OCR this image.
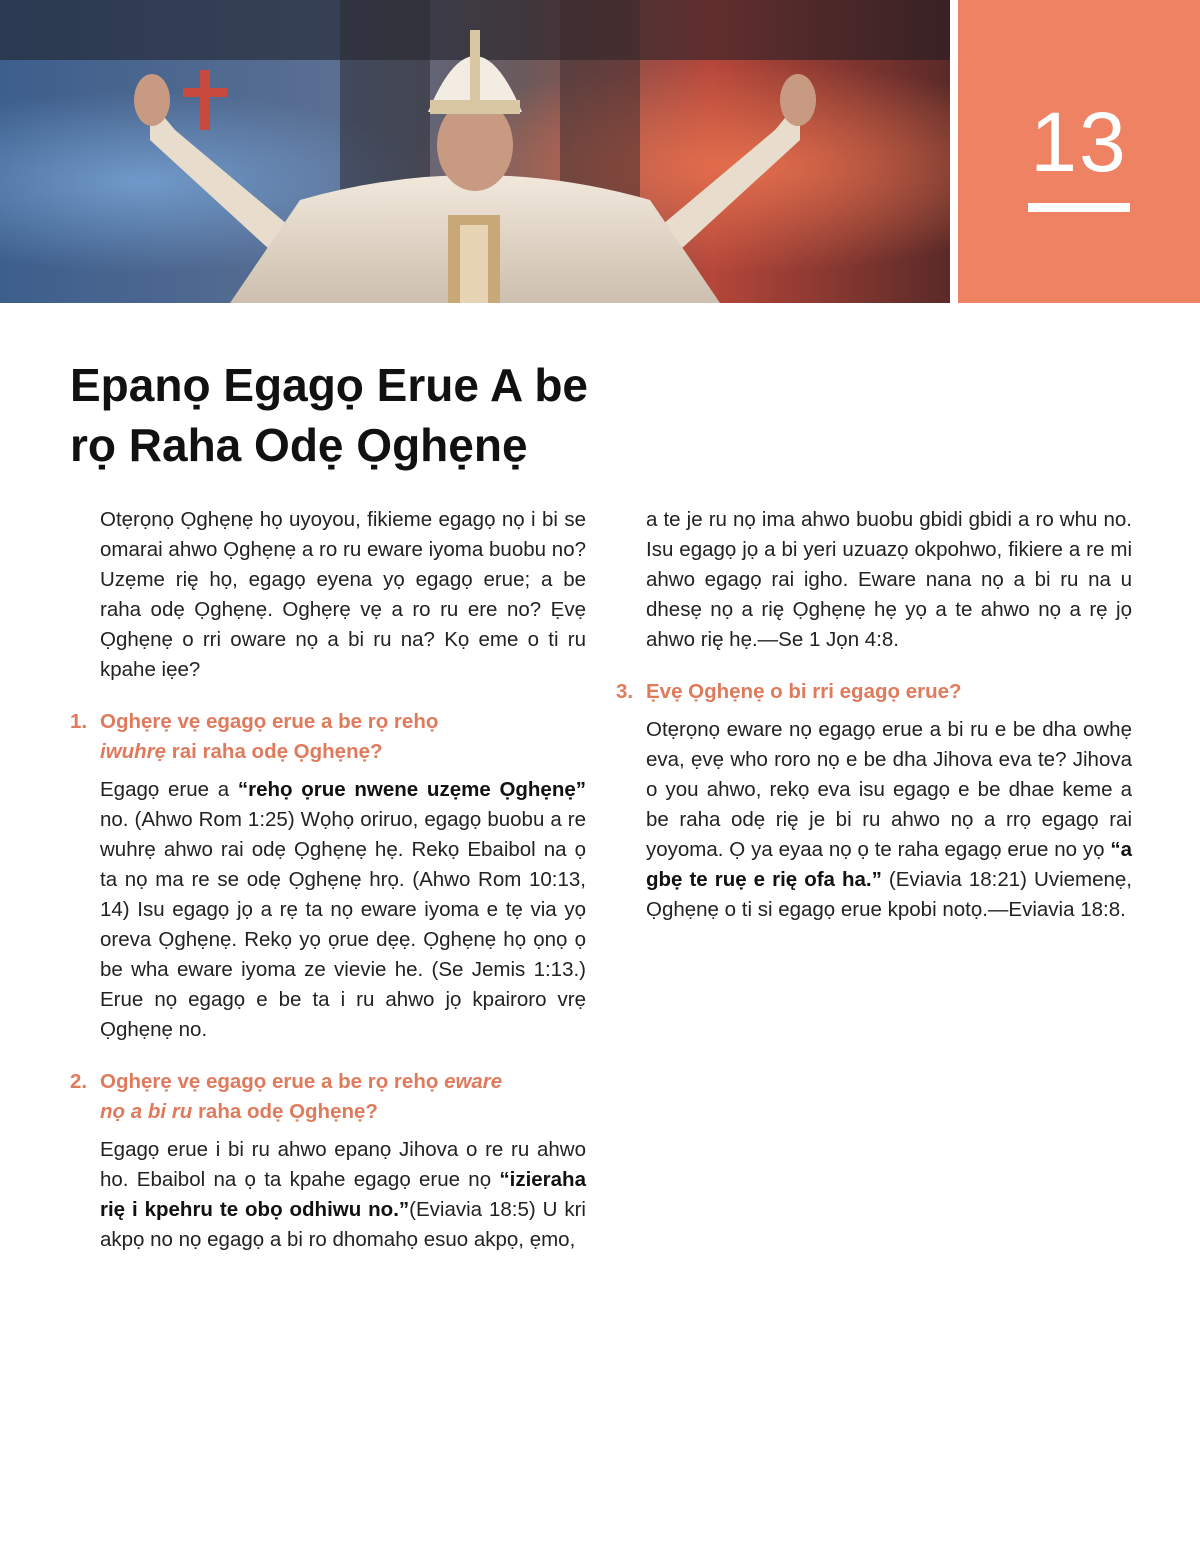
13
Epanọ Egagọ Erue A be
rọ Raha Odẹ Ọghẹnẹ

Otẹrọnọ Ọghẹnẹ họ uyoyou, fikieme egagọ nọ i bi se omarai ahwo Ọghẹnẹ a ro ru eware iyoma buobu no? Uzẹme rię họ, egagọ eyena yọ egagọ erue; a be raha odẹ Ọghẹnẹ. Oghẹrẹ vẹ a ro ru ere no? Ẹvẹ Ọghẹnẹ o rri oware nọ a bi ru na? Kọ eme o ti ru kpahe iẹe?

1. Oghẹrẹ vẹ egagọ erue a be rọ rehọ
iwuhrẹ rai raha odẹ Ọghẹnẹ?

Egagọ erue a “rehọ ọrue nwene uzẹme Ọghẹnẹ” no. (Ahwo Rom 1:25) Wọhọ oriruo, egagọ buobu a re wuhrẹ ahwo rai odẹ Ọghẹnẹ hẹ. Rekọ Ebaibol na ọ ta nọ ma re se odẹ Ọghẹnẹ hrọ. (Ahwo Rom 10:13, 14) Isu egagọ jọ a rẹ ta nọ eware iyoma e tẹ via yọ oreva Ọghẹnẹ. Rekọ yọ ọrue dẹẹ. Ọghẹnẹ họ ọnọ ọ be wha eware iyoma ze vievie he. (Se Jemis 1:13.) Erue nọ egagọ e be ta i ru ahwo jọ kpairoro vrẹ Ọghẹnẹ no.

2. Oghẹrẹ vẹ egagọ erue a be rọ rehọ eware
nọ a bi ru raha odẹ Ọghẹnẹ?

Egagọ erue i bi ru ahwo epanọ Jihova o re ru ahwo ho. Ebaibol na ọ ta kpahe egagọ erue nọ “izieraha rię i kpehru te obọ odhiwu no.”(Eviavia 18:5) U kri akpọ no nọ egagọ a bi ro dhomahọ esuo akpọ, ẹmo,

a te je ru nọ ima ahwo buobu gbidi gbidi a ro whu no. Isu egagọ jọ a bi yeri uzuazọ okpohwo, fikiere a re mi ahwo egagọ rai igho. Eware nana nọ a bi ru na u dhesẹ nọ a rię Ọghẹnẹ hẹ yọ a te ahwo nọ a rẹ jọ ahwo rię hẹ.—Se 1 Jọn 4:8.

3. Ẹvẹ Ọghẹnẹ o bi rri egagọ erue?

Otẹrọnọ eware nọ egagọ erue a bi ru e be dha owhẹ eva, ẹvẹ who roro nọ e be dha Jihova eva te? Jihova o you ahwo, rekọ eva isu egagọ e be dhae keme a be raha odẹ rię je bi ru ahwo nọ a rrọ egagọ rai yoyoma. Ọ ya eyaa nọ ọ te raha egagọ erue no yọ “a gbẹ te ruẹ e rię ofa ha.” (Eviavia 18:21) Uviemenẹ, Ọghẹnẹ o ti si egagọ erue kpobi notọ.—Eviavia 18:8.
